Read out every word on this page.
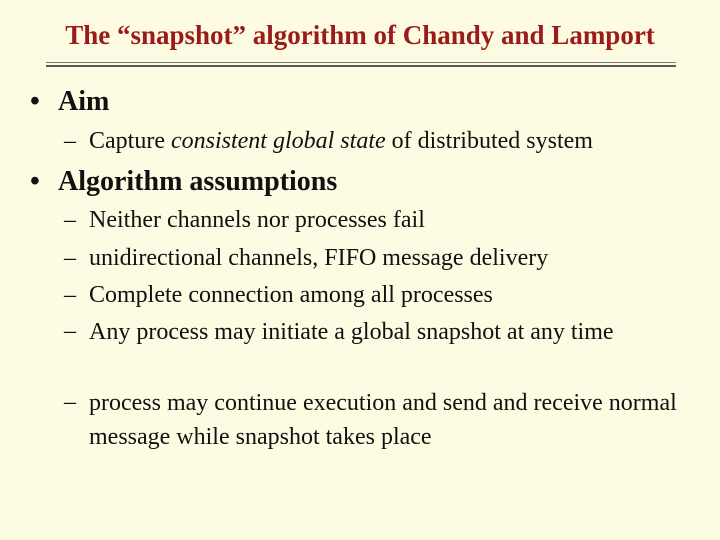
The “snapshot” algorithm of Chandy and Lamport
• Aim
– Capture consistent global state of distributed system
• Algorithm assumptions
– Neither channels nor processes fail
– unidirectional channels, FIFO message delivery
– Complete connection among all processes
– Any process may initiate a global snapshot at any time
– process may continue execution and send and receive normal message while snapshot takes place
